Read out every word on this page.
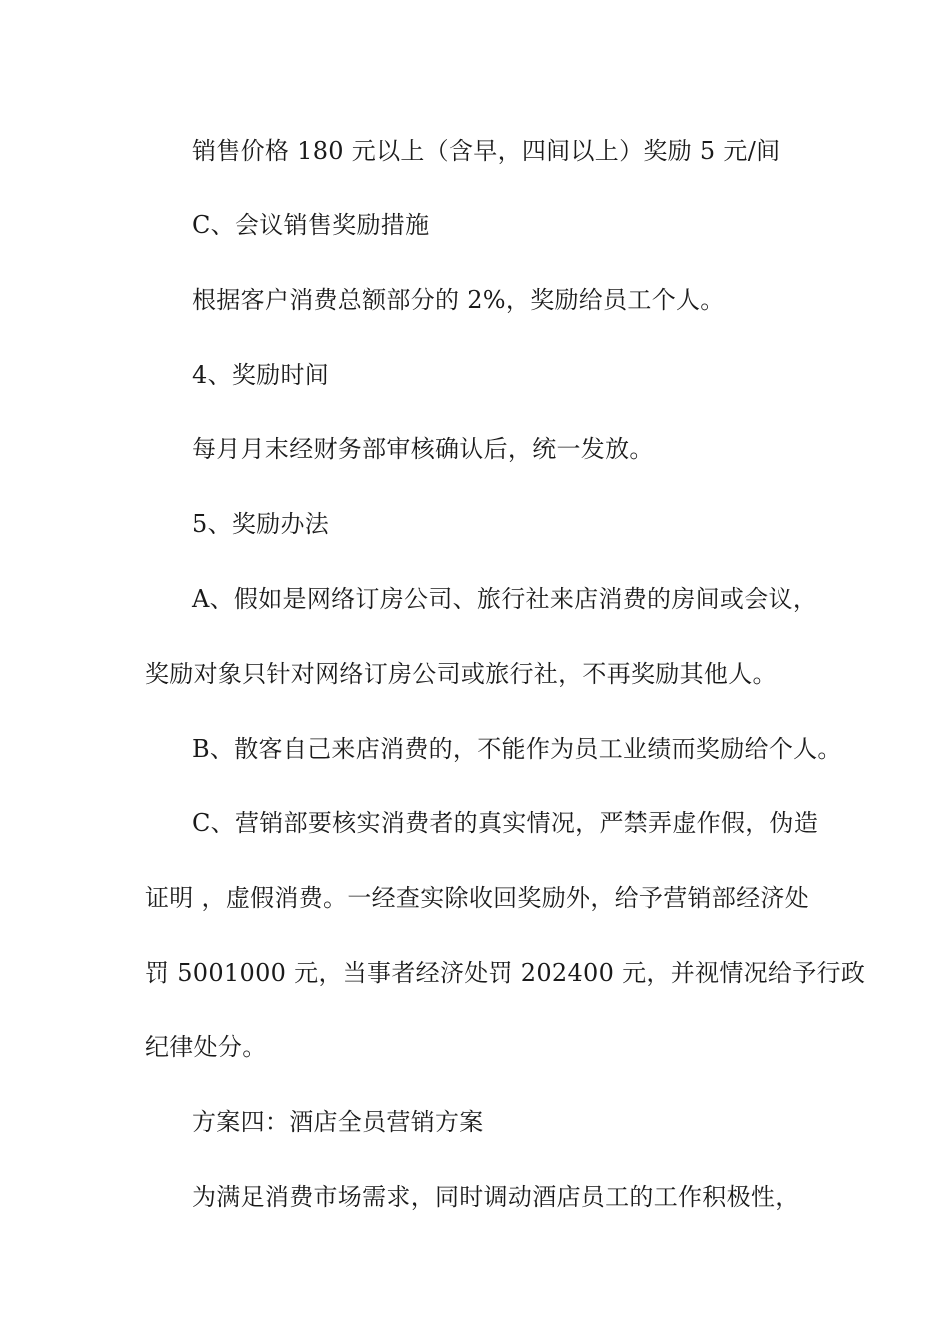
销售价格 180 元以上（含早，四间以上）奖励 5 元/间
C、会议销售奖励措施
根据客户消费总额部分的 2%，奖励给员工个人。
4、奖励时间
每月月末经财务部审核确认后，统一发放。
5、奖励办法
A、假如是网络订房公司、旅行社来店消费的房间或会议，
奖励对象只针对网络订房公司或旅行社，不再奖励其他人。
B、散客自己来店消费的，不能作为员工业绩而奖励给个人。
C、营销部要核实消费者的真实情况，严禁弄虚作假，伪造
证明 ，虚假消费。一经查实除收回奖励外，给予营销部经济处
罚 5001000 元，当事者经济处罚 202400 元，并视情况给予行政
纪律处分。
方案四：酒店全员营销方案
为满足消费市场需求，同时调动酒店员工的工作积极性，
